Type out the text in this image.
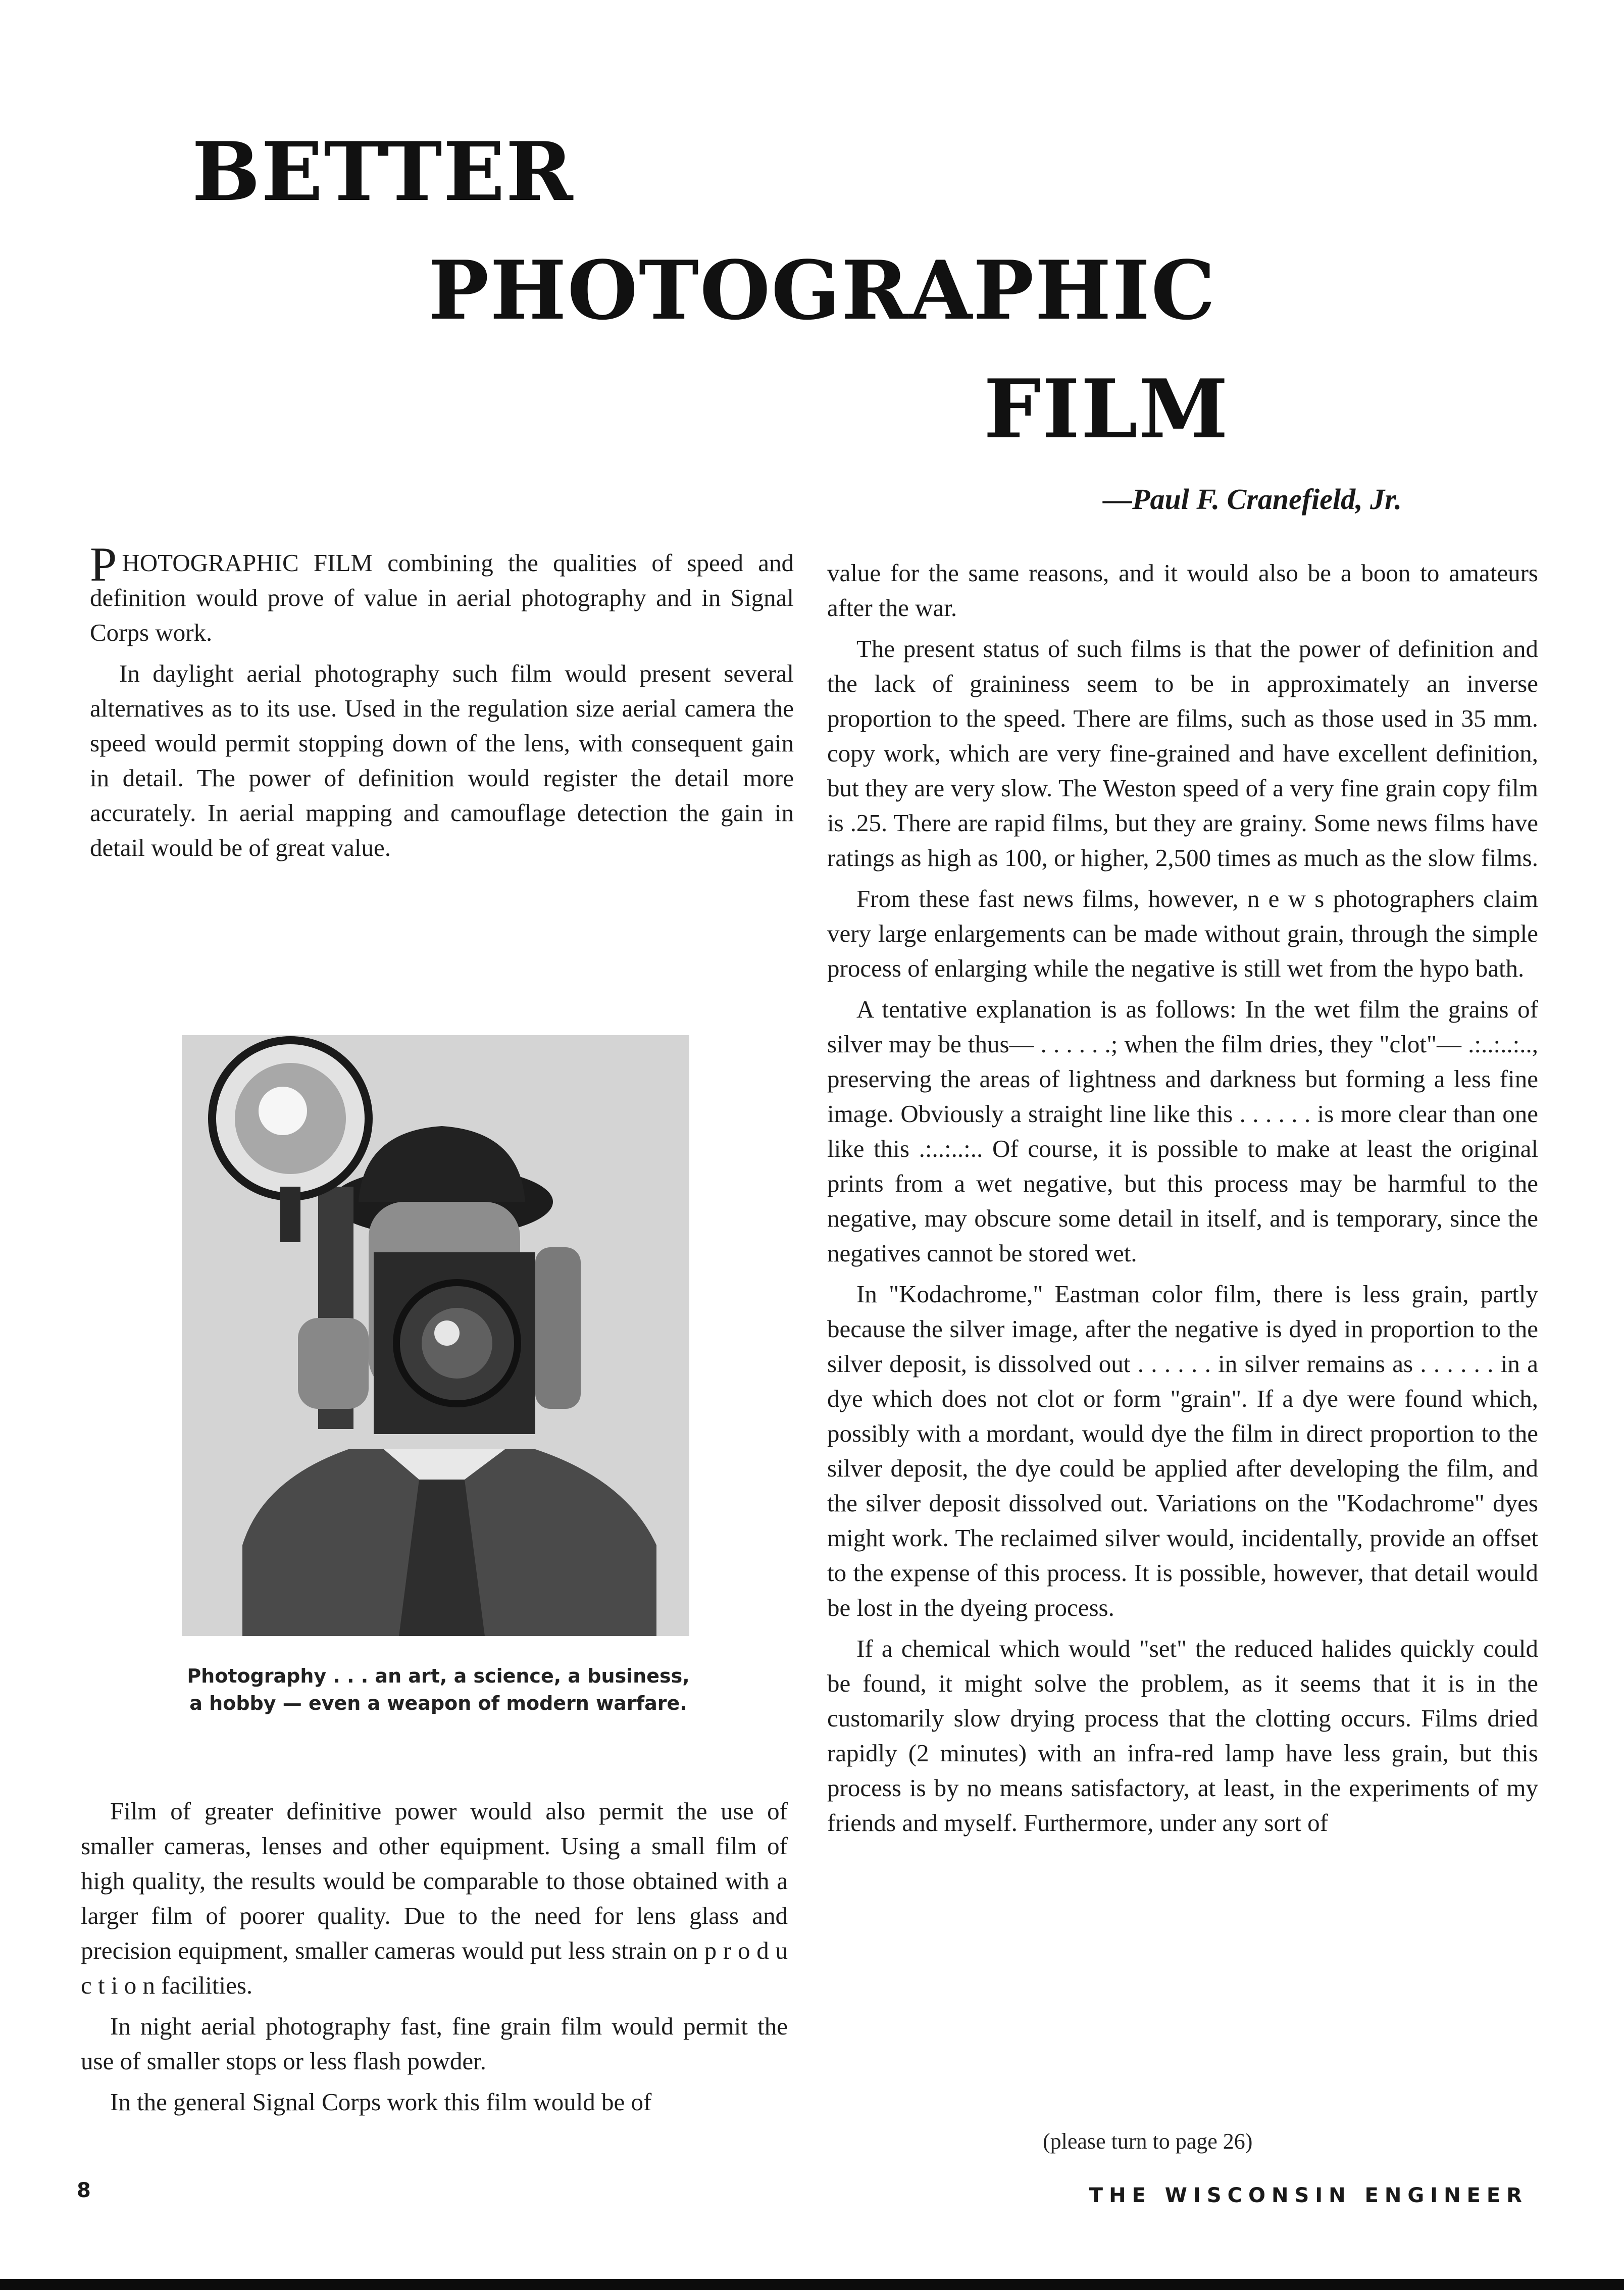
BETTER
PHOTOGRAPHIC
FILM

—Paul F. Cranefield, Jr.

PHOTOGRAPHIC FILM combining the qualities of speed and definition would prove of value in aerial photography and in Signal Corps work.

In daylight aerial photography such film would present several alternatives as to its use. Used in the regulation size aerial camera the speed would permit stopping down of the lens, with consequent gain in detail. The power of definition would register the detail more accurately. In aerial mapping and camouflage detection the gain in detail would be of great value.

Photography . . . an art, a science, a business,
a hobby — even a weapon of modern warfare.

Film of greater definitive power would also permit the use of smaller cameras, lenses and other equipment. Using a small film of high quality, the results would be comparable to those obtained with a larger film of poorer quality. Due to the need for lens glass and precision equipment, smaller cameras would put less strain on p r o d u c t i o n facilities.

In night aerial photography fast, fine grain film would permit the use of smaller stops or less flash powder.

In the general Signal Corps work this film would be of

value for the same reasons, and it would also be a boon to amateurs after the war.

The present status of such films is that the power of definition and the lack of graininess seem to be in approximately an inverse proportion to the speed. There are films, such as those used in 35 mm. copy work, which are very fine-grained and have excellent definition, but they are very slow. The Weston speed of a very fine grain copy film is .25. There are rapid films, but they are grainy. Some news films have ratings as high as 100, or higher, 2,500 times as much as the slow films.

From these fast news films, however, n e w s photographers claim very large enlargements can be made without grain, through the simple process of enlarging while the negative is still wet from the hypo bath.

A tentative explanation is as follows: In the wet film the grains of silver may be thus— . . . . . .; when the film dries, they "clot"— .:..:..:.., preserving the areas of lightness and darkness but forming a less fine image. Obviously a straight line like this . . . . . . is more clear than one like this .:..:..:.. Of course, it is possible to make at least the original prints from a wet negative, but this process may be harmful to the negative, may obscure some detail in itself, and is temporary, since the negatives cannot be stored wet.

In "Kodachrome," Eastman color film, there is less grain, partly because the silver image, after the negative is dyed in proportion to the silver deposit, is dissolved out . . . . . . in silver remains as . . . . . . in a dye which does not clot or form "grain". If a dye were found which, possibly with a mordant, would dye the film in direct proportion to the silver deposit, the dye could be applied after developing the film, and the silver deposit dissolved out. Variations on the "Kodachrome" dyes might work. The reclaimed silver would, incidentally, provide an offset to the expense of this process. It is possible, however, that detail would be lost in the dyeing process.

If a chemical which would "set" the reduced halides quickly could be found, it might solve the problem, as it seems that it is in the customarily slow drying process that the clotting occurs. Films dried rapidly (2 minutes) with an infra-red lamp have less grain, but this process is by no means satisfactory, at least, in the experiments of my friends and myself. Furthermore, under any sort of

(please turn to page 26)

8	THE WISCONSIN ENGINEER
